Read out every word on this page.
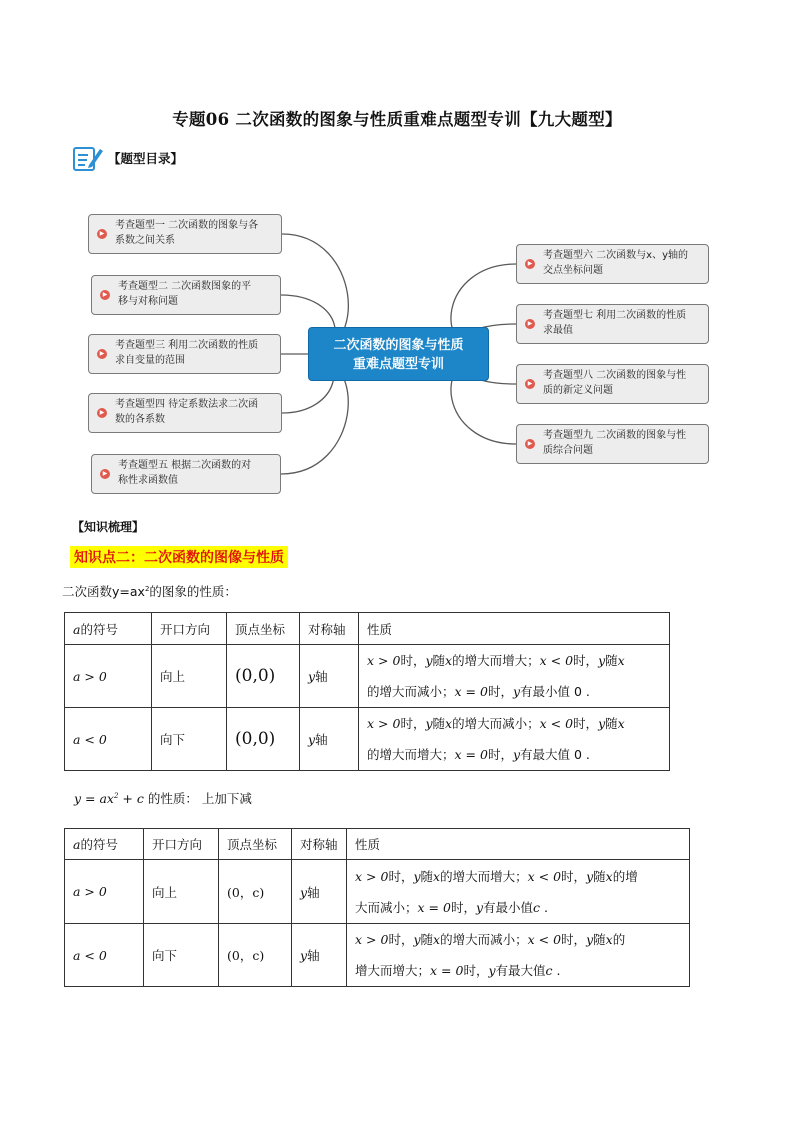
专题06 二次函数的图象与性质重难点题型专训【九大题型】
【题型目录】
▶
考查题型一 二次函数的图象与各
系数之间关系
▶
考查题型二 二次函数图象的平
移与对称问题
▶
考查题型三 利用二次函数的性质
求自变量的范围
▶
考查题型四 待定系数法求二次函
数的各系数
▶
考查题型五 根据二次函数的对
称性求函数值
二次函数的图象与性质
重难点题型专训
▶
考查题型六 二次函数与x、y轴的
交点坐标问题
▶
考查题型七 利用二次函数的性质
求最值
▶
考查题型八 二次函数的图象与性
质的新定义问题
▶
考查题型九 二次函数的图象与性
质综合问题
【知识梳理】
知识点二：二次函数的图像与性质
二次函数$y=ax^2$的图象的性质：
a的符号	开口方向	顶点坐标	对称轴	性质
a > 0	向上	(0,0)	y轴	x > 0时，y随x的增大而增大；x < 0时，y随x
的增大而减小；x = 0时，y有最小值 0 .

a < 0	向下	(0,0)	y轴	x > 0时，y随x的增大而减小；x < 0时，y随x
的增大而增大；x = 0时，y有最大值 0 .
$y = ax^2 + c$ 的性质： 上加下减
a的符号	开口方向	顶点坐标	对称轴	性质
a > 0	向上	(0，c)	y轴	x > 0时，y随x的增大而增大；x < 0时，y随x的增
大而减小；x = 0时，y有最小值c .

a < 0	向下	(0，c)	y轴	x > 0时，y随x的增大而减小；x < 0时，y随x的
增大而增大；x = 0时，y有最大值c .
